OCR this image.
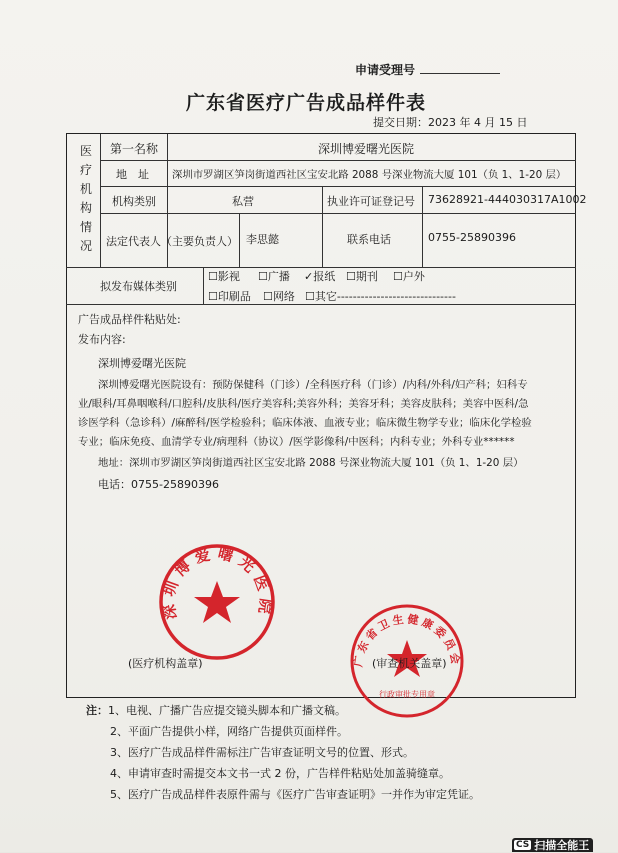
申请受理号
广东省医疗广告成品样件表
提交日期：2023 年 4 月 15 日
医
疗
机
构
情
况
第一名称	深圳博爱曙光医院
地　址 深圳市罗湖区笋岗街道西社区宝安北路 2088 号深业物流大厦 101（负 1、1-20 层）
机构类别	私营	执业许可证登记号 73628921-444030317A1002
法定代表人（主要负责人） 李思懿	联系电话	0755-25890396
拟发布媒体类别
☐影视 ☐广播 ✓报纸 ☐期刊 ☐户外
☐印刷品 ☐网络 ☐其它------------------------------
广告成品样件粘贴处:
发布内容:
深圳博爱曙光医院
深圳博爱曙光医院设有：预防保健科（门诊）/全科医疗科（门诊）/内科/外科/妇产科；妇科专
业/眼科/耳鼻咽喉科/口腔科/皮肤科/医疗美容科;美容外科；美容牙科；美容皮肤科；美容中医科/急
诊医学科（急诊科）/麻醉科/医学检验科；临床体液、血液专业；临床微生物学专业；临床化学检验
专业；临床免疫、血清学专业/病理科（协议）/医学影像科/中医科；内科专业；外科专业******
地址：深圳市罗湖区笋岗街道西社区宝安北路 2088 号深业物流大厦 101（负 1、1-20 层）
电话：0755-25890396
深圳博爱曙光医院
(医疗机构盖章)	广东省卫生健康委员会
行政审批专用章
(审查机关盖章)
注：1、电视、广播广告应提交镜头脚本和广播文稿。
2、平面广告提供小样，网络广告提供页面样件。
3、医疗广告成品样件需标注广告审查证明文号的位置、形式。
4、申请审查时需提交本文书一式 2 份，广告样件粘贴处加盖骑缝章。
5、医疗广告成品样件表原件需与《医疗广告审查证明》一并作为审定凭证。
CS 扫描全能王
